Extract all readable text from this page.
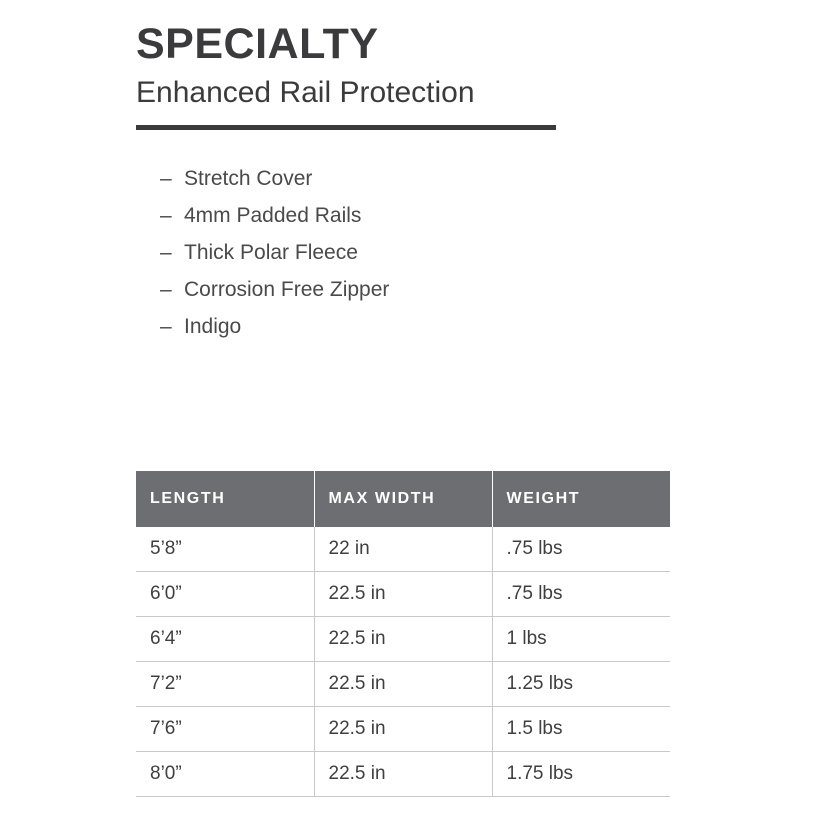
SPECIALTY
Enhanced Rail Protection
– Stretch Cover
– 4mm Padded Rails
– Thick Polar Fleece
– Corrosion Free Zipper
– Indigo
LENGTH	MAX WIDTH	WEIGHT
5’8”	22 in	.75 lbs
6’0”	22.5 in	.75 lbs
6’4”	22.5 in	1 lbs
7’2”	22.5 in	1.25 lbs
7’6”	22.5 in	1.5 lbs
8’0”	22.5 in	1.75 lbs
